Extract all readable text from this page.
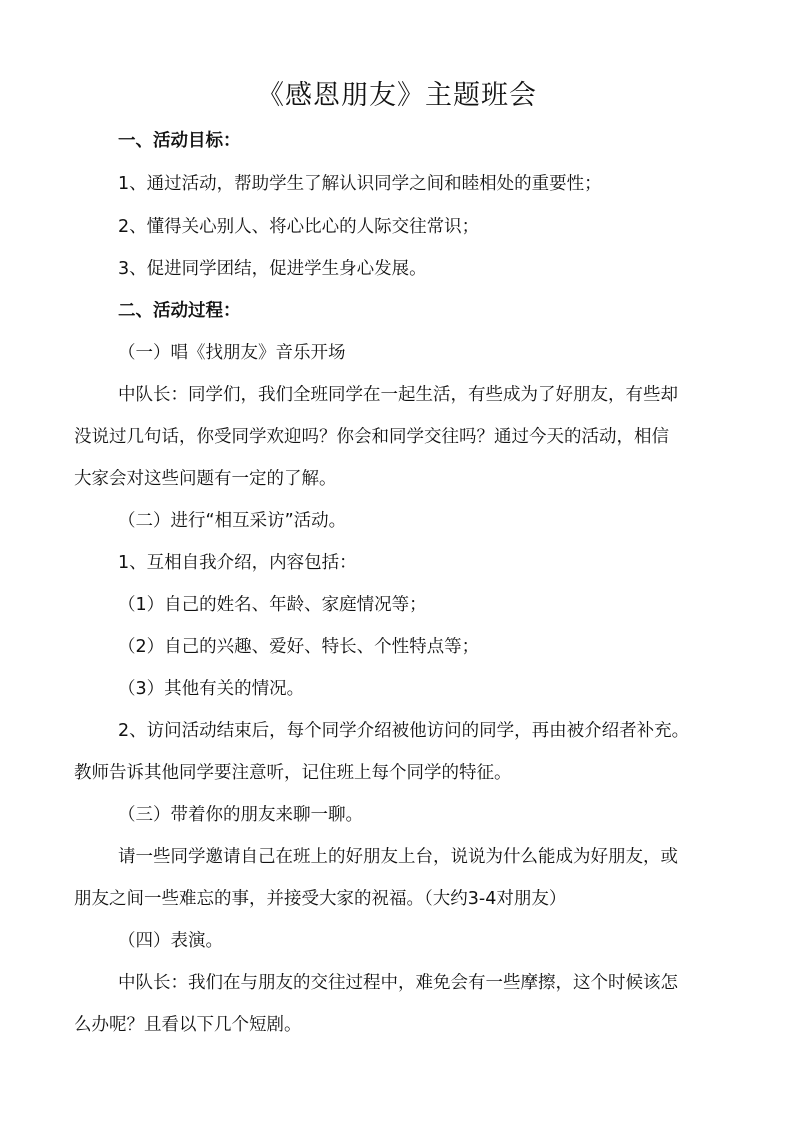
《感恩朋友》主题班会
一、活动目标：
1、通过活动，帮助学生了解认识同学之间和睦相处的重要性；
2、懂得关心别人、将心比心的人际交往常识；
3、促进同学团结，促进学生身心发展。
二、活动过程：
（一）唱《找朋友》音乐开场
中队长：同学们，我们全班同学在一起生活，有些成为了好朋友，有些却
没说过几句话，你受同学欢迎吗？你会和同学交往吗？通过今天的活动，相信
大家会对这些问题有一定的了解。
（二）进行“相互采访”活动。
1、互相自我介绍，内容包括：
（1）自己的姓名、年龄、家庭情况等；
（2）自己的兴趣、爱好、特长、个性特点等；
（3）其他有关的情况。
2、访问活动结束后，每个同学介绍被他访问的同学，再由被介绍者补充。
教师告诉其他同学要注意听，记住班上每个同学的特征。
（三）带着你的朋友来聊一聊。
请一些同学邀请自己在班上的好朋友上台，说说为什么能成为好朋友，或
朋友之间一些难忘的事，并接受大家的祝福。（大约3-4对朋友）
（四）表演。
中队长：我们在与朋友的交往过程中，难免会有一些摩擦，这个时候该怎
么办呢？且看以下几个短剧。
